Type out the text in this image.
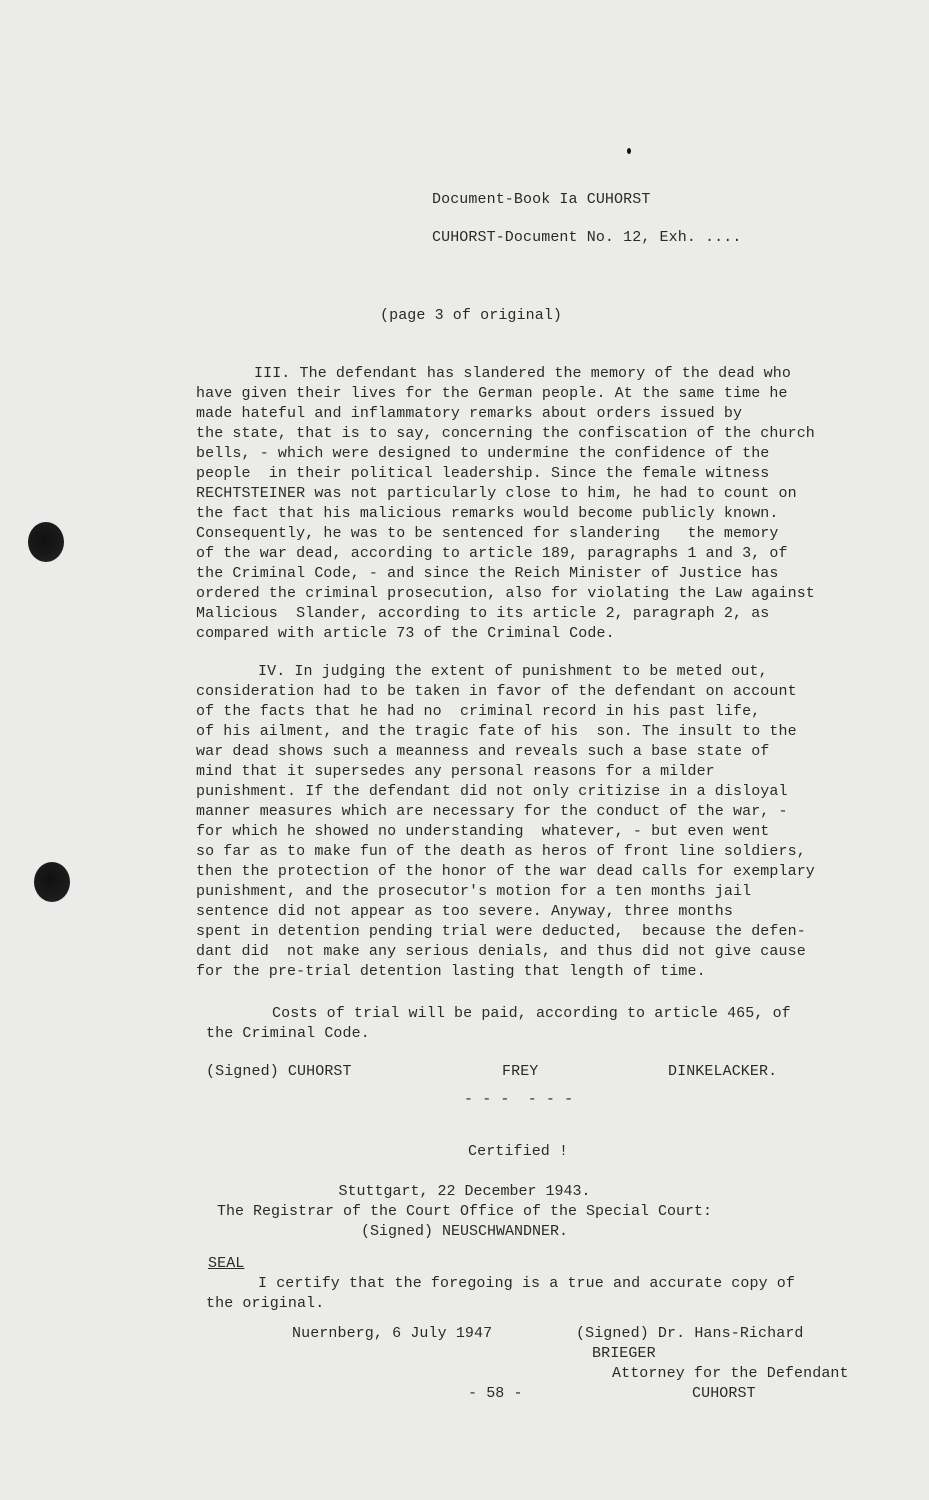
Document-Book Ia CUHORST
CUHORST-Document No. 12, Exh. ....
(page 3 of original)
III. The defendant has slandered the memory of the dead who
have given their lives for the German people. At the same time he
made hateful and inflammatory remarks about orders issued by
the state, that is to say, concerning the confiscation of the church
bells, - which were designed to undermine the confidence of the
people  in their political leadership. Since the female witness
RECHTSTEINER was not particularly close to him, he had to count on
the fact that his malicious remarks would become publicly known.
Consequently, he was to be sentenced for slandering   the memory
of the war dead, according to article 189, paragraphs 1 and 3, of
the Criminal Code, - and since the Reich Minister of Justice has
ordered the criminal prosecution, also for violating the Law against
Malicious  Slander, according to its article 2, paragraph 2, as
compared with article 73 of the Criminal Code.
IV. In judging the extent of punishment to be meted out,
consideration had to be taken in favor of the defendant on account
of the facts that he had no  criminal record in his past life,
of his ailment, and the tragic fate of his  son. The insult to the
war dead shows such a meanness and reveals such a base state of
mind that it supersedes any personal reasons for a milder
punishment. If the defendant did not only critizise in a disloyal
manner measures which are necessary for the conduct of the war, -
for which he showed no understanding  whatever, - but even went
so far as to make fun of the death as heros of front line soldiers,
then the protection of the honor of the war dead calls for exemplary
punishment, and the prosecutor's motion for a ten months jail
sentence did not appear as too severe. Anyway, three months
spent in detention pending trial were deducted,  because the defen-
dant did  not make any serious denials, and thus did not give cause
for the pre-trial detention lasting that length of time.
Costs of trial will be paid, according to article 465, of
the Criminal Code.
(Signed) CUHORST	FREY	DINKELACKER.
- - -  - - -
Certified !
Stuttgart, 22 December 1943.
The Registrar of the Court Office of the Special Court:
(Signed) NEUSCHWANDNER.
SEAL
I certify that the foregoing is a true and accurate copy of
the original.
Nuernberg, 6 July 1947	(Signed) Dr. Hans-Richard
BRIEGER
Attorney for the Defendant
- 58 -	CUHORST
